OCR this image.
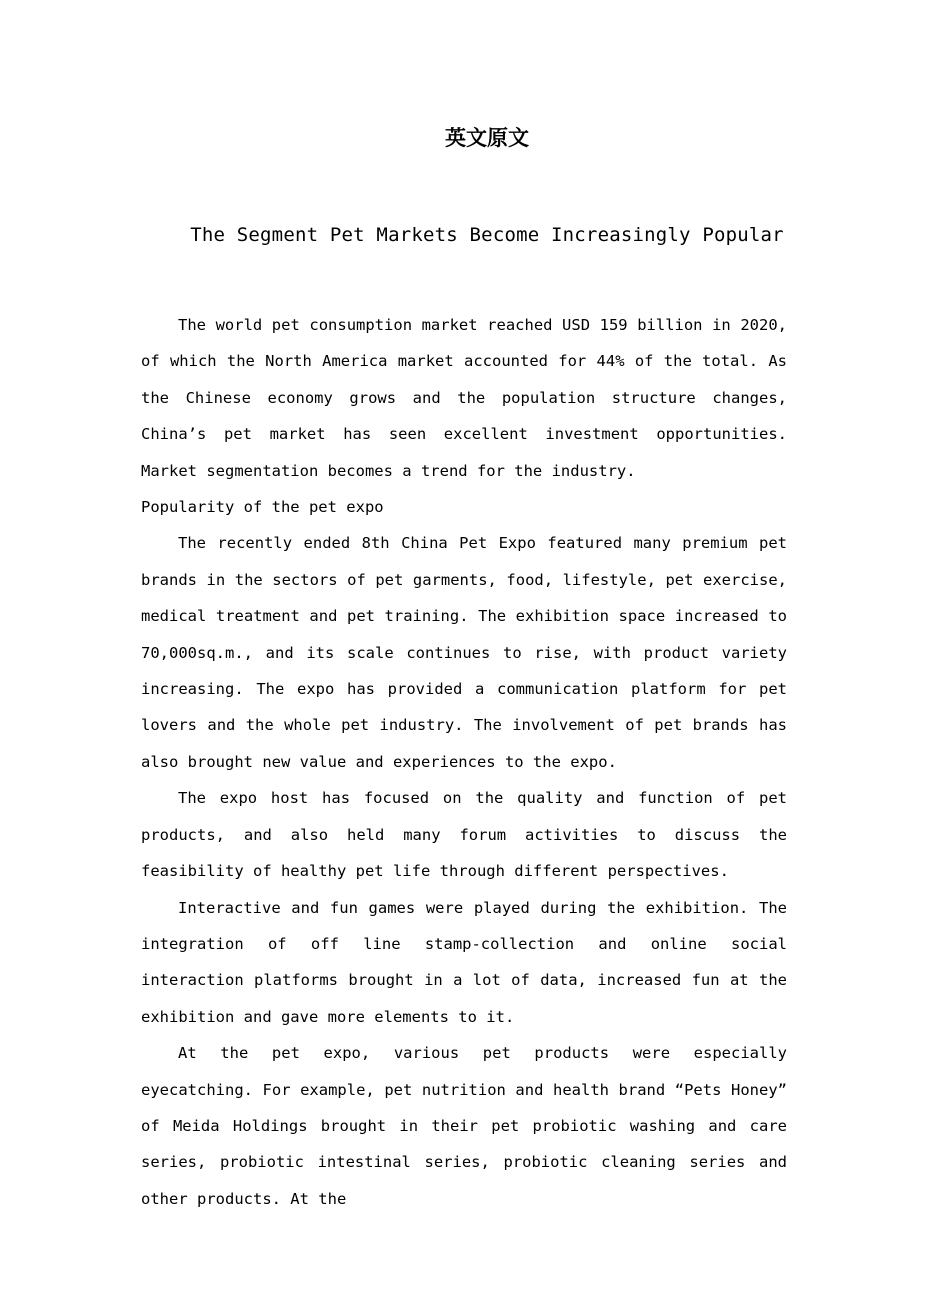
英文原文
The Segment Pet Markets Become Increasingly Popular

The world pet consumption market reached USD 159 billion in 2020, of which the North America market accounted for 44% of the total. As the Chinese economy grows and the population structure changes, China’s pet market has seen excellent investment opportunities. Market segmentation becomes a trend for the industry.

Popularity of the pet expo

The recently ended 8th China Pet Expo featured many premium pet brands in the sectors of pet garments, food, lifestyle, pet exercise, medical treatment and pet training. The exhibition space increased to 70,000sq.m., and its scale continues to rise, with product variety increasing. The expo has provided a communication platform for pet lovers and the whole pet industry. The involvement of pet brands has also brought new value and experiences to the expo.

The expo host has focused on the quality and function of pet products, and also held many forum activities to discuss the feasibility of healthy pet life through different perspectives.

Interactive and fun games were played during the exhibition. The integration of off line stamp-collection and online social interaction platforms brought in a lot of data, increased fun at the exhibition and gave more elements to it.

At the pet expo, various pet products were especially eyecatching. For example, pet nutrition and health brand “Pets Honey” of Meida Holdings brought in their pet probiotic washing and care series, probiotic intestinal series, probiotic cleaning series and other products. At the
